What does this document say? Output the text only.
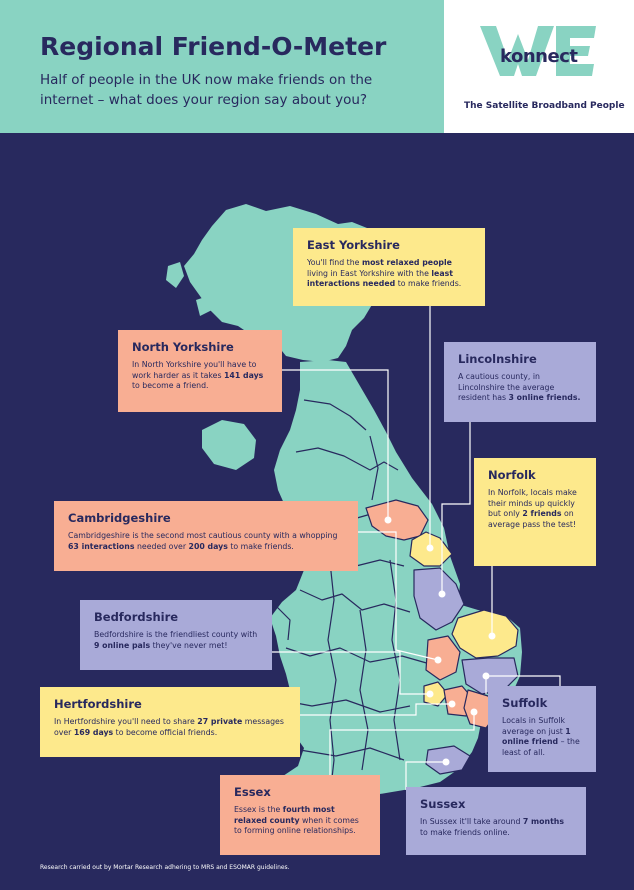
Regional Friend-O-Meter
Half of people in the UK now make friends on the internet – what does your region say about you?
konnect
The Satellite Broadband People
East Yorkshire

You'll find the most relaxed people living in East Yorkshire with the least interactions needed to make friends.

North Yorkshire

In North Yorkshire you'll have to work harder as it takes 141 days to become a friend.

Lincolnshire

A cautious county, in Lincolnshire the average resident has 3 online friends.

Norfolk

In Norfolk, locals make their minds up quickly but only 2 friends on average pass the test!

Cambridgeshire

Cambridgeshire is the second most cautious county with a whopping 63 interactions needed over 200 days to make friends.

Bedfordshire

Bedfordshire is the friendliest county with 9 online pals they've never met!

Hertfordshire

In Hertfordshire you'll need to share 27 private messages over 169 days to become official friends.

Suffolk

Locals in Suffolk average on just 1 online friend – the least of all.

Essex

Essex is the fourth most relaxed county when it comes to forming online relationships.

Sussex

In Sussex it'll take around 7 months to make friends online.

Research carried out by Mortar Research adhering to MRS and ESOMAR guidelines.
